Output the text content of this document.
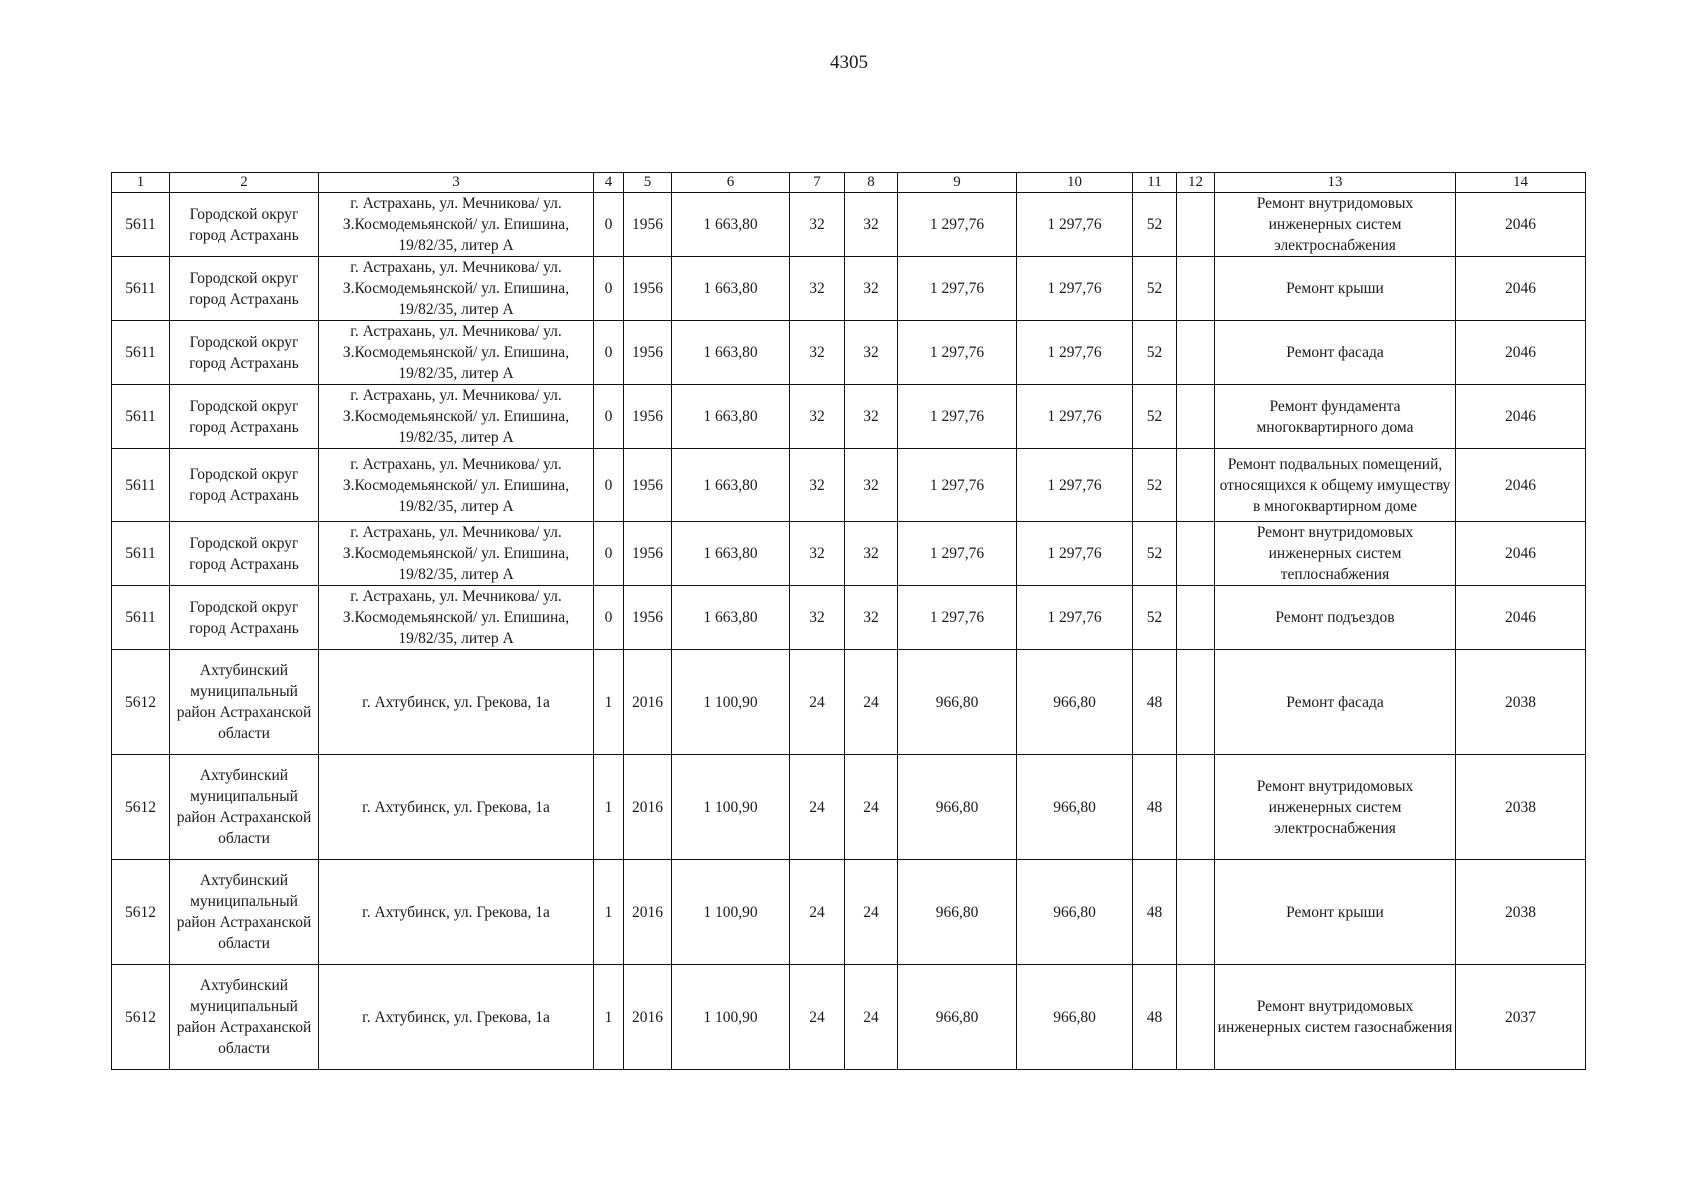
4305
1	2	3	4	5	6	7	8	9	10	11	12	13	14
5611	Городской округ город Астрахань	г. Астрахань, ул. Мечникова/ ул. З.Космодемьянской/ ул. Епишина, 19/82/35, литер А	0	1956	1 663,80	32	32	1 297,76	1 297,76	52		Ремонт внутридомовых инженерных систем электроснабжения	2046
5611	Городской округ город Астрахань	г. Астрахань, ул. Мечникова/ ул. З.Космодемьянской/ ул. Епишина, 19/82/35, литер А	0	1956	1 663,80	32	32	1 297,76	1 297,76	52		Ремонт крыши	2046
5611	Городской округ город Астрахань	г. Астрахань, ул. Мечникова/ ул. З.Космодемьянской/ ул. Епишина, 19/82/35, литер А	0	1956	1 663,80	32	32	1 297,76	1 297,76	52		Ремонт фасада	2046
5611	Городской округ город Астрахань	г. Астрахань, ул. Мечникова/ ул. З.Космодемьянской/ ул. Епишина, 19/82/35, литер А	0	1956	1 663,80	32	32	1 297,76	1 297,76	52		Ремонт фундамента многоквартирного дома	2046
5611	Городской округ город Астрахань	г. Астрахань, ул. Мечникова/ ул. З.Космодемьянской/ ул. Епишина, 19/82/35, литер А	0	1956	1 663,80	32	32	1 297,76	1 297,76	52		Ремонт подвальных помещений, относящихся к общему имуществу в многоквартирном доме	2046
5611	Городской округ город Астрахань	г. Астрахань, ул. Мечникова/ ул. З.Космодемьянской/ ул. Епишина, 19/82/35, литер А	0	1956	1 663,80	32	32	1 297,76	1 297,76	52		Ремонт внутридомовых инженерных систем теплоснабжения	2046
5611	Городской округ город Астрахань	г. Астрахань, ул. Мечникова/ ул. З.Космодемьянской/ ул. Епишина, 19/82/35, литер А	0	1956	1 663,80	32	32	1 297,76	1 297,76	52		Ремонт подъездов	2046
5612	Ахтубинский муниципальный район Астраханской области	г. Ахтубинск, ул. Грекова, 1а	1	2016	1 100,90	24	24	966,80	966,80	48		Ремонт фасада	2038
5612	Ахтубинский муниципальный район Астраханской области	г. Ахтубинск, ул. Грекова, 1а	1	2016	1 100,90	24	24	966,80	966,80	48		Ремонт внутридомовых инженерных систем электроснабжения	2038
5612	Ахтубинский муниципальный район Астраханской области	г. Ахтубинск, ул. Грекова, 1а	1	2016	1 100,90	24	24	966,80	966,80	48		Ремонт крыши	2038
5612	Ахтубинский муниципальный район Астраханской области	г. Ахтубинск, ул. Грекова, 1а	1	2016	1 100,90	24	24	966,80	966,80	48		Ремонт внутридомовых инженерных систем газоснабжения	2037
